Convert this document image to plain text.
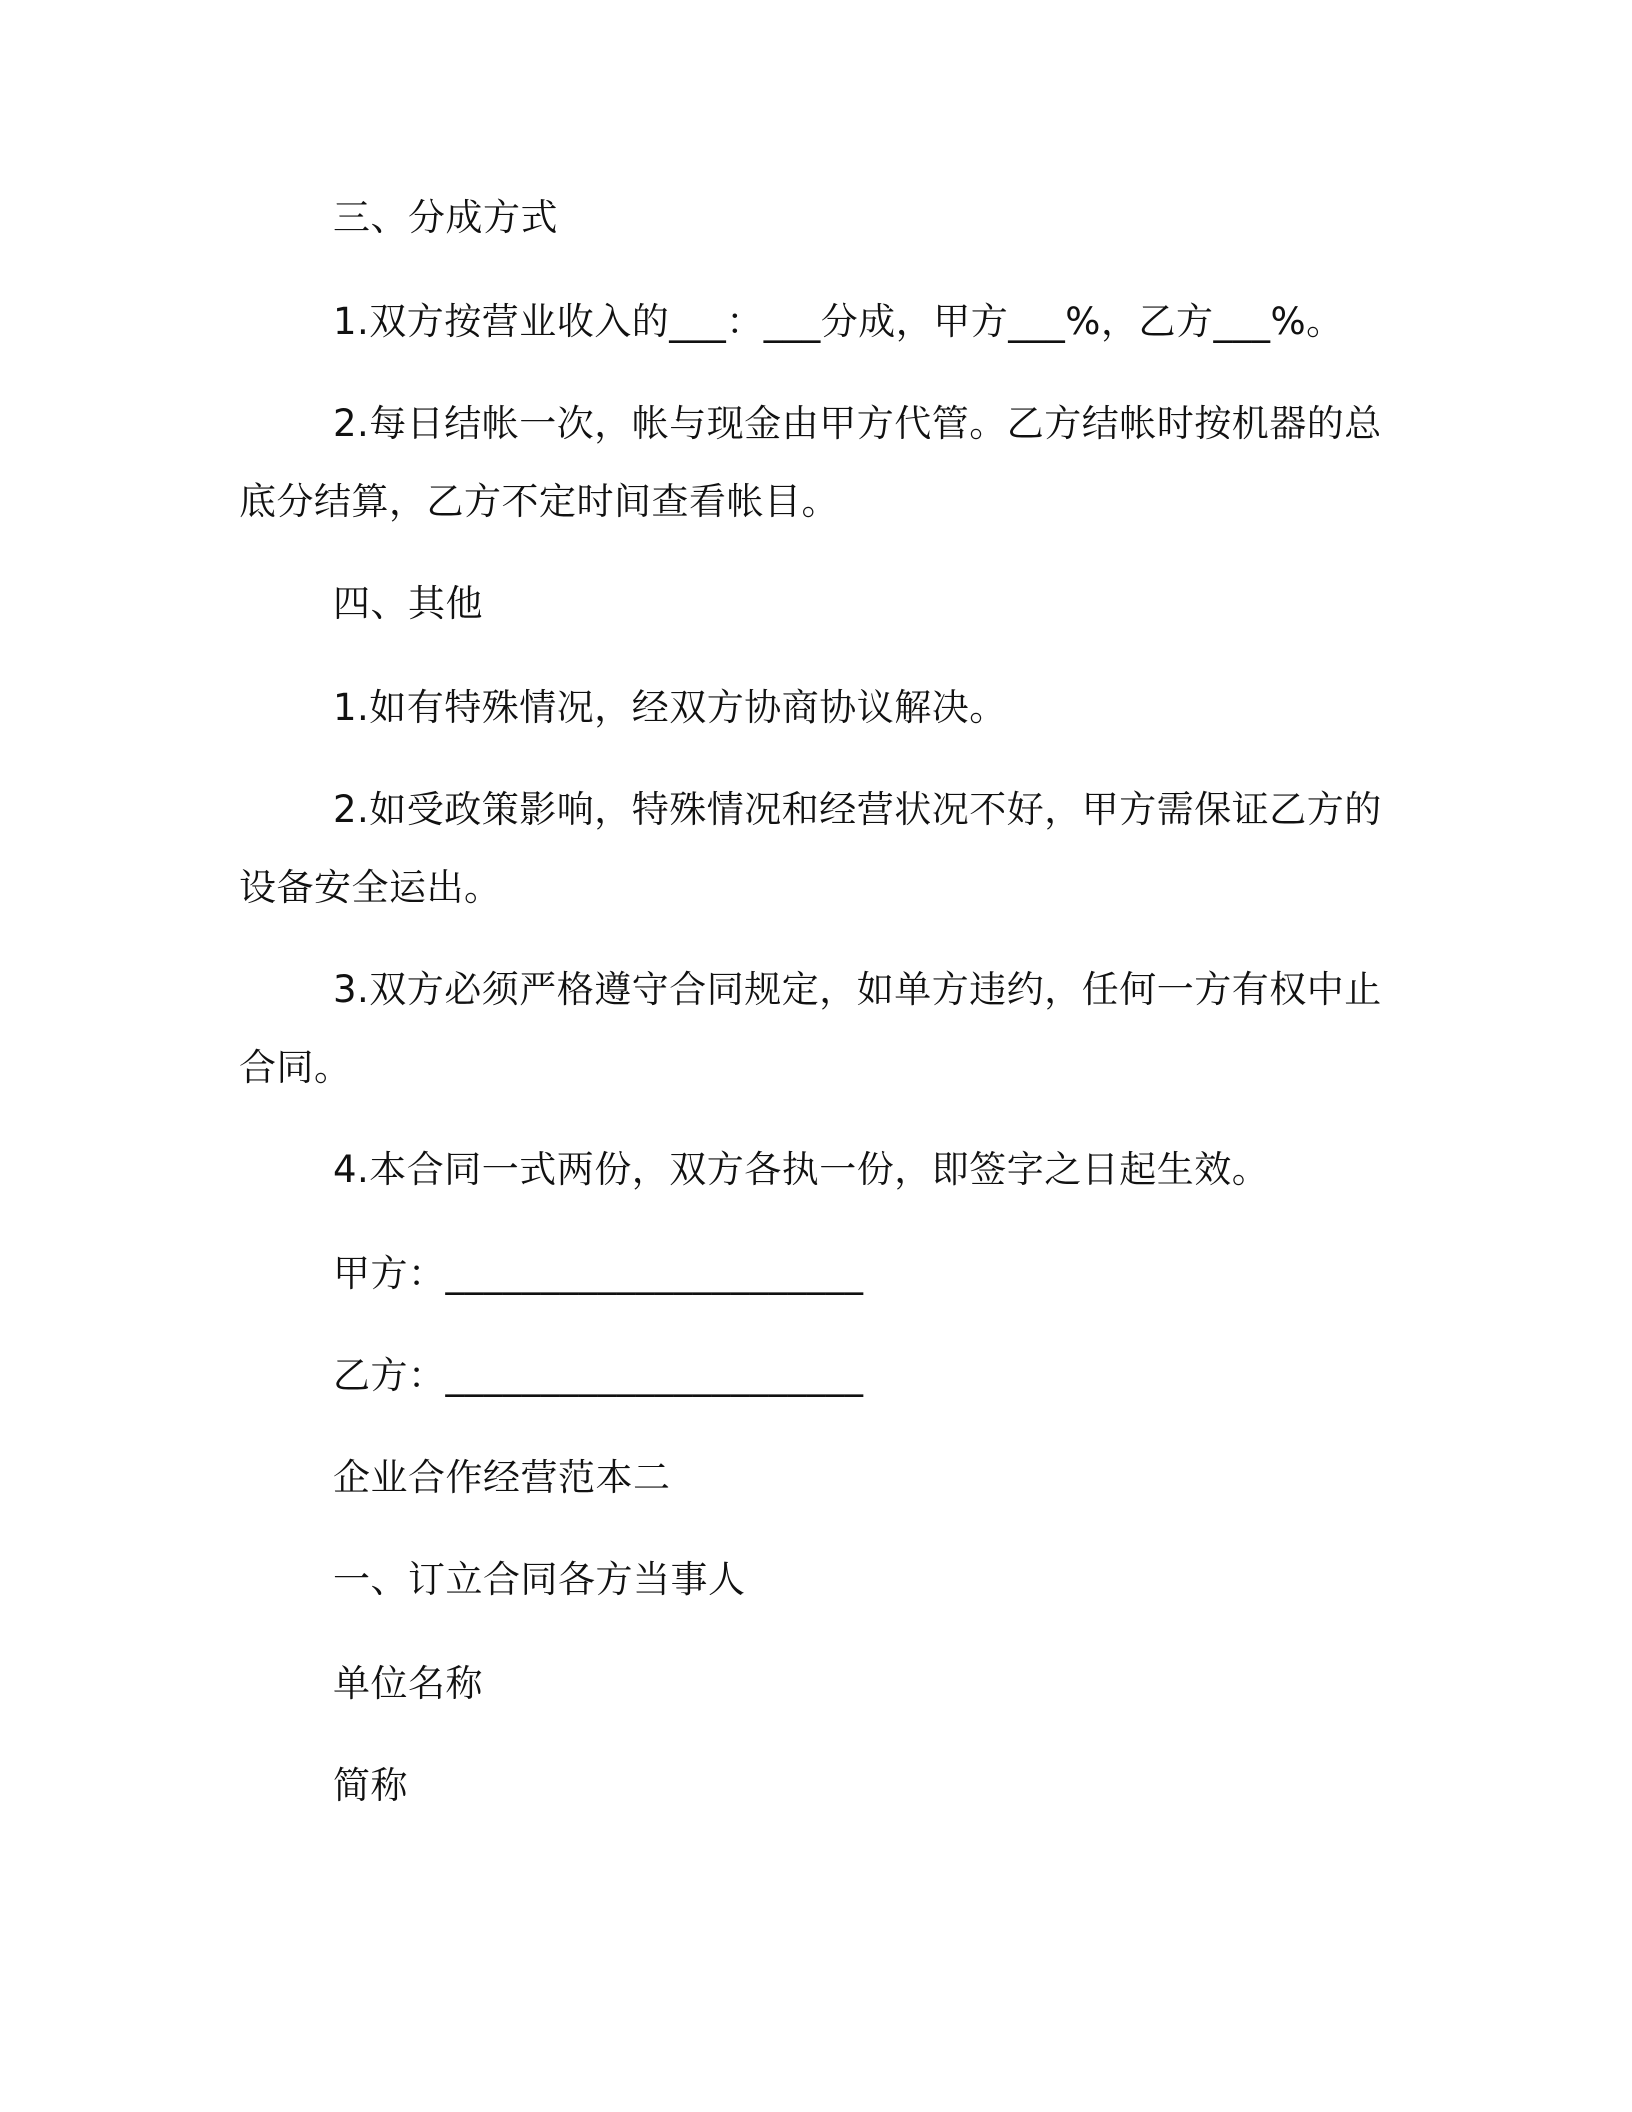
三、分成方式
1.双方按营业收入的___：___分成，甲方___%，乙方___%。
2.每日结帐一次，帐与现金由甲方代管。乙方结帐时按机器的总
底分结算，乙方不定时间查看帐目。
四、其他
1.如有特殊情况，经双方协商协议解决。
2.如受政策影响，特殊情况和经营状况不好，甲方需保证乙方的
设备安全运出。
3.双方必须严格遵守合同规定，如单方违约，任何一方有权中止
合同。
4.本合同一式两份，双方各执一份，即签字之日起生效。
甲方：______________________
乙方：______________________
企业合作经营范本二
一、订立合同各方当事人
单位名称
简称
